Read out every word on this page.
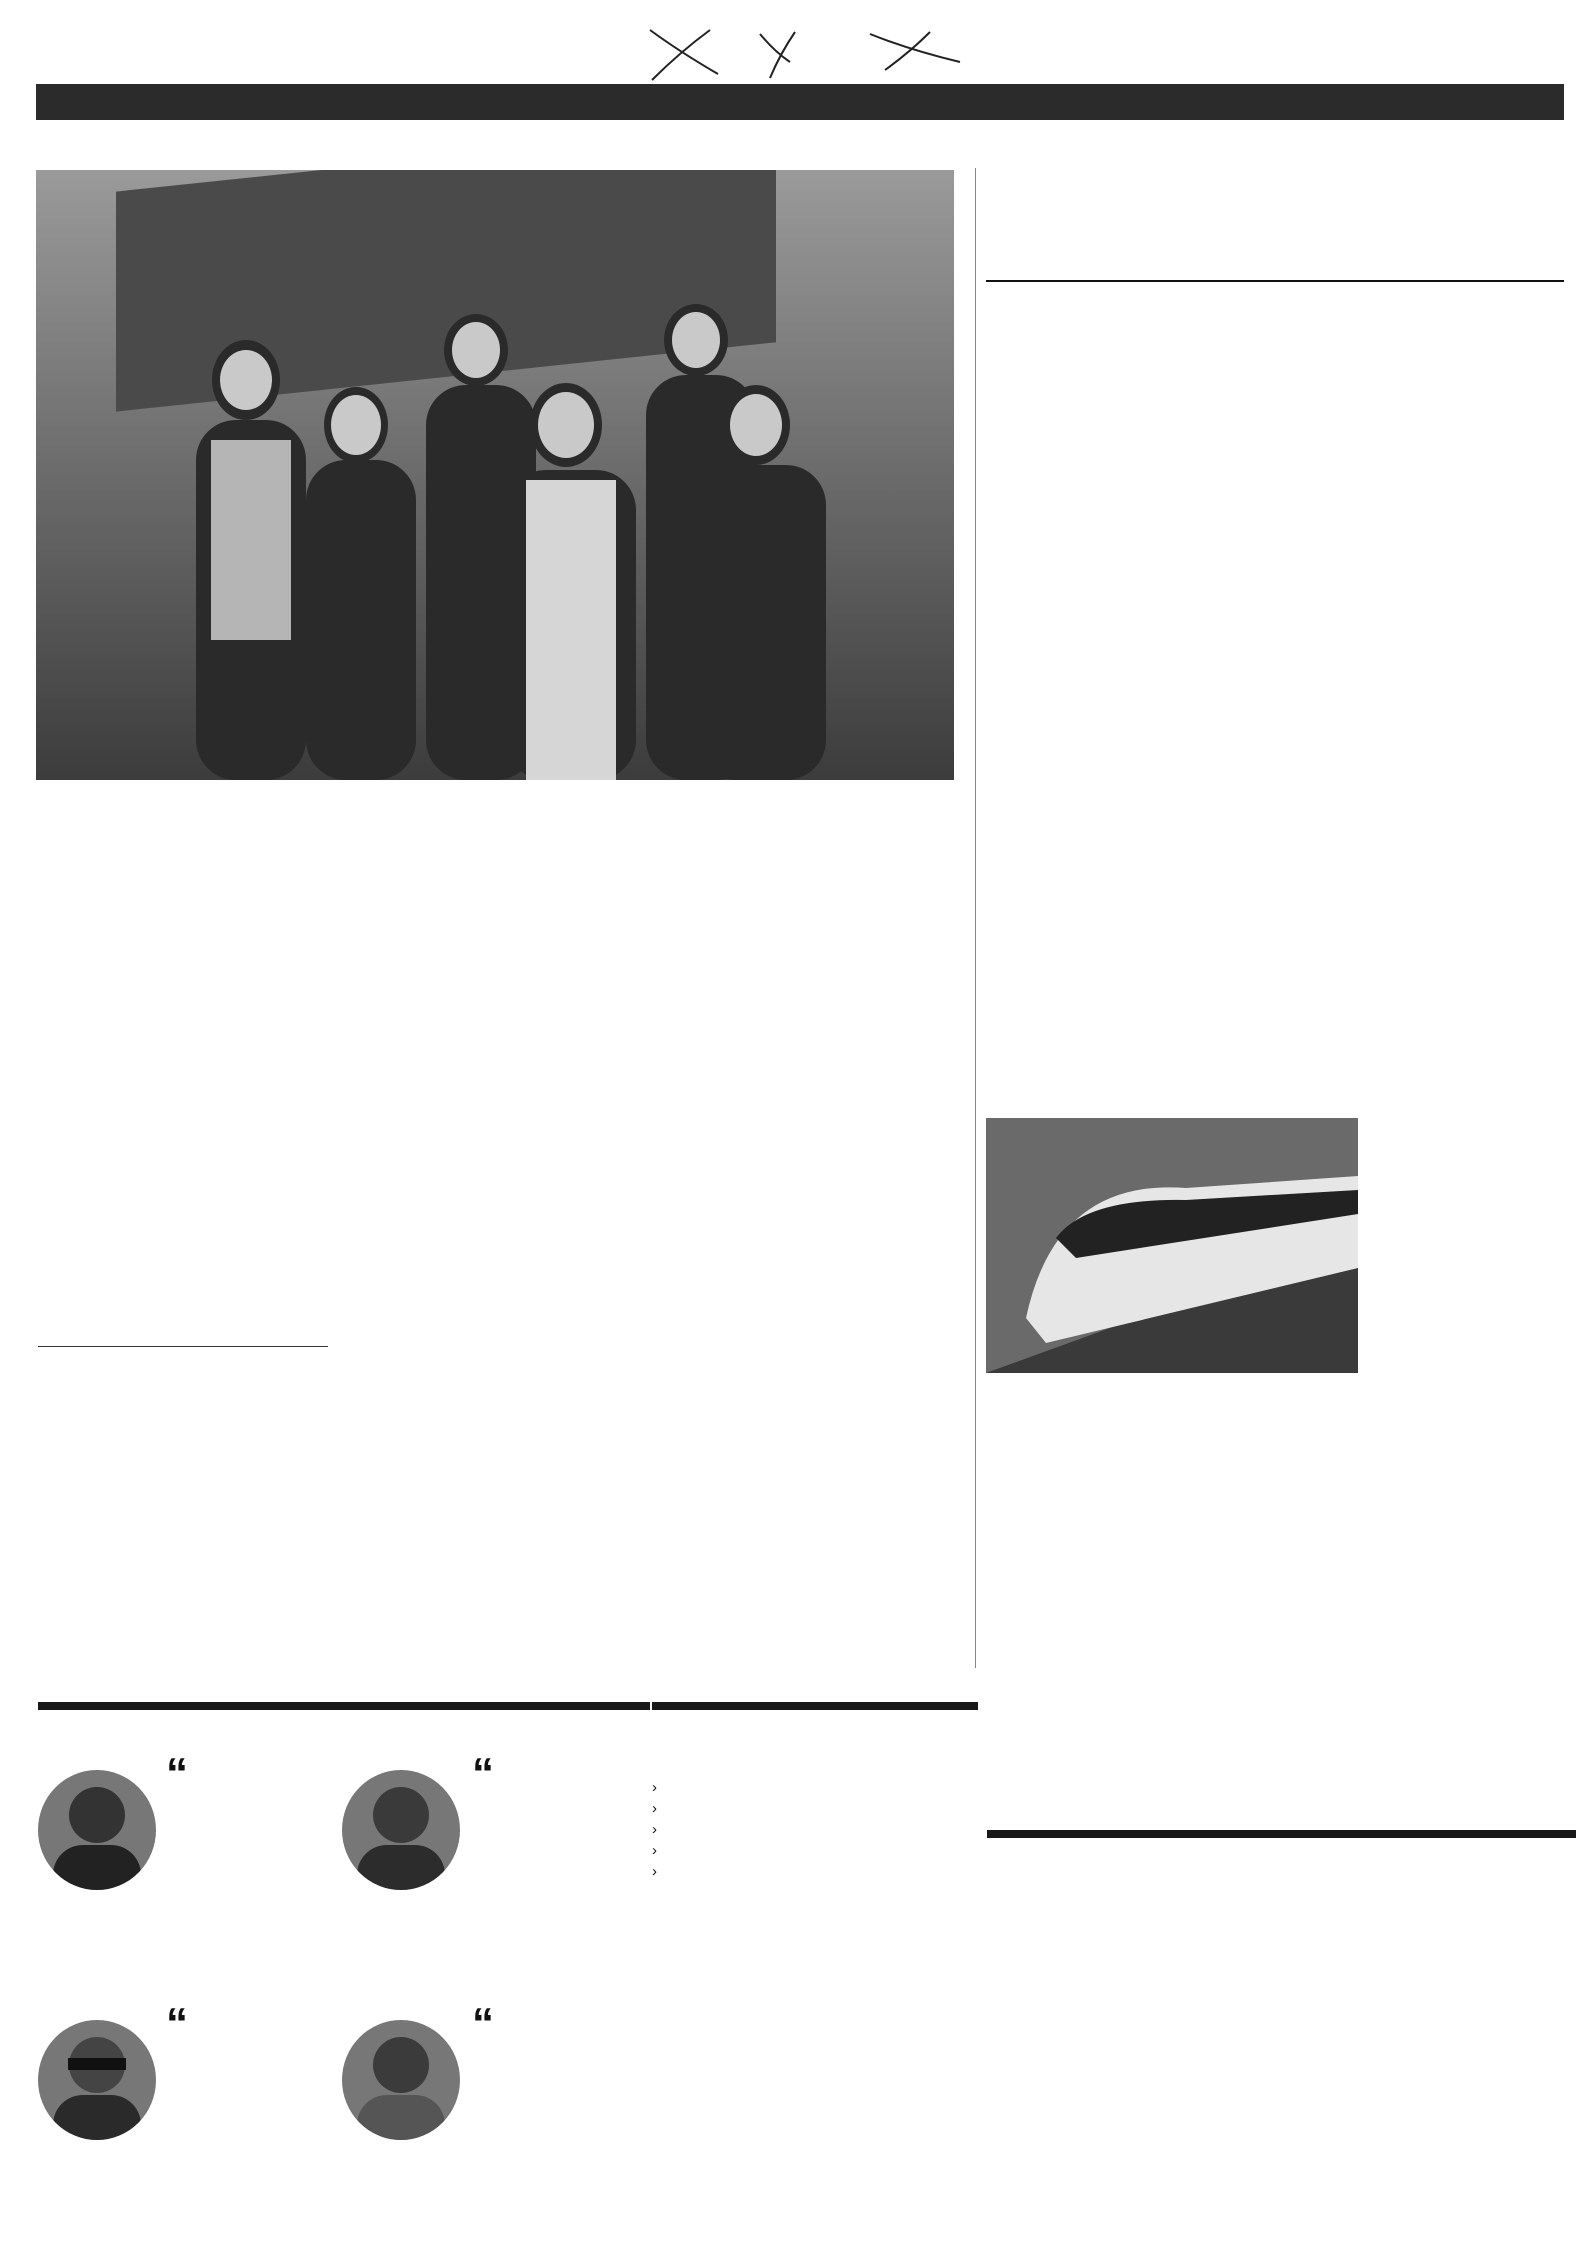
“	“
“	“
›
›
›
›
›
